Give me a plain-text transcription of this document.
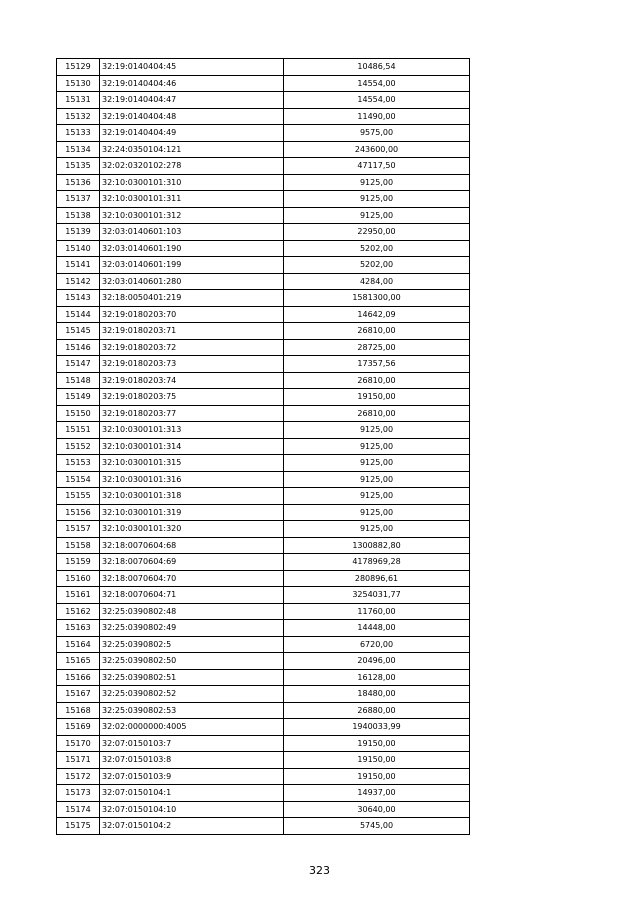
15129	32:19:0140404:45	10486,54
15130	32:19:0140404:46	14554,00
15131	32:19:0140404:47	14554,00
15132	32:19:0140404:48	11490,00
15133	32:19:0140404:49	9575,00
15134	32:24:0350104:121	243600,00
15135	32:02:0320102:278	47117,50
15136	32:10:0300101:310	9125,00
15137	32:10:0300101:311	9125,00
15138	32:10:0300101:312	9125,00
15139	32:03:0140601:103	22950,00
15140	32:03:0140601:190	5202,00
15141	32:03:0140601:199	5202,00
15142	32:03:0140601:280	4284,00
15143	32:18:0050401:219	1581300,00
15144	32:19:0180203:70	14642,09
15145	32:19:0180203:71	26810,00
15146	32:19:0180203:72	28725,00
15147	32:19:0180203:73	17357,56
15148	32:19:0180203:74	26810,00
15149	32:19:0180203:75	19150,00
15150	32:19:0180203:77	26810,00
15151	32:10:0300101:313	9125,00
15152	32:10:0300101:314	9125,00
15153	32:10:0300101:315	9125,00
15154	32:10:0300101:316	9125,00
15155	32:10:0300101:318	9125,00
15156	32:10:0300101:319	9125,00
15157	32:10:0300101:320	9125,00
15158	32:18:0070604:68	1300882,80
15159	32:18:0070604:69	4178969,28
15160	32:18:0070604:70	280896,61
15161	32:18:0070604:71	3254031,77
15162	32:25:0390802:48	11760,00
15163	32:25:0390802:49	14448,00
15164	32:25:0390802:5	6720,00
15165	32:25:0390802:50	20496,00
15166	32:25:0390802:51	16128,00
15167	32:25:0390802:52	18480,00
15168	32:25:0390802:53	26880,00
15169	32:02:0000000:4005	1940033,99
15170	32:07:0150103:7	19150,00
15171	32:07:0150103:8	19150,00
15172	32:07:0150103:9	19150,00
15173	32:07:0150104:1	14937,00
15174	32:07:0150104:10	30640,00
15175	32:07:0150104:2	5745,00
323
